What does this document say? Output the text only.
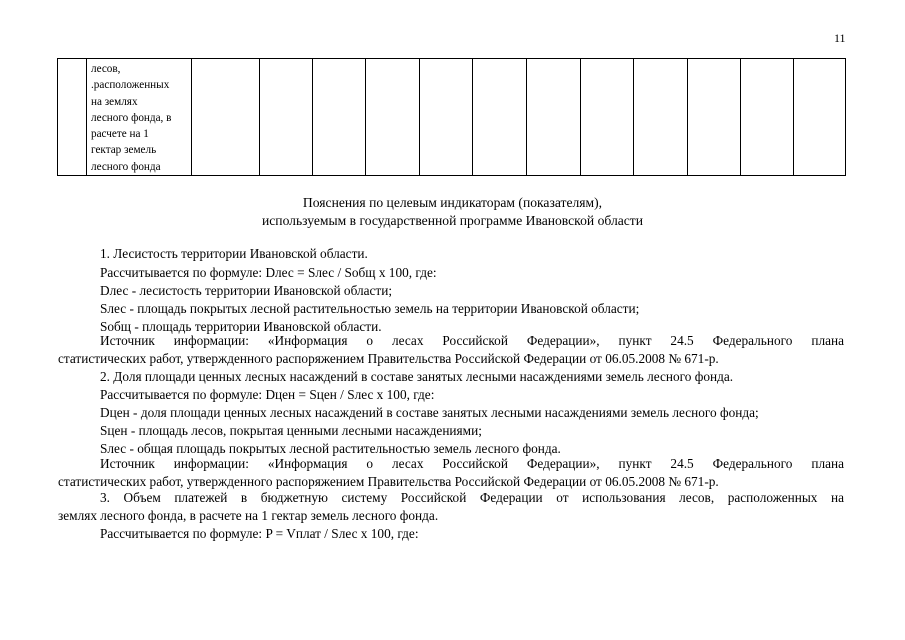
11

лесов,
.расположенных
на землях
лесного фонда, в
расчете на 1
гектар земель
лесного фонда

Пояснения по целевым индикаторам (показателям),
используемым в государственной программе Ивановской области
1. Лесистость территории Ивановской области.
Рассчитывается по формуле: Dлес = Sлес / Sобщ x 100, где:
Dлес - лесистость территории Ивановской области;
Sлес - площадь покрытых лесной растительностью земель на территории Ивановской области;
Sобщ - площадь территории Ивановской области.
Источник информации: «Информация о лесах Российской Федерации», пункт 24.5 Федерального плана
статистических работ, утвержденного распоряжением Правительства Российской Федерации от 06.05.2008 № 671-р.
2. Доля площади ценных лесных насаждений в составе занятых лесными насаждениями земель лесного фонда.
Рассчитывается по формуле: Dцен = Sцен / Sлес x 100, где:
Dцен - доля площади ценных лесных насаждений в составе занятых лесными насаждениями земель лесного фонда;
Sцен - площадь лесов, покрытая ценными лесными насаждениями;
Sлес - общая площадь покрытых лесной растительностью земель лесного фонда.
Источник информации: «Информация о лесах Российской Федерации», пункт 24.5 Федерального плана
статистических работ, утвержденного распоряжением Правительства Российской Федерации от 06.05.2008 № 671-р.
3. Объем платежей в бюджетную систему Российской Федерации от использования лесов, расположенных на
землях лесного фонда, в расчете на 1 гектар земель лесного фонда.
Рассчитывается по формуле: P = Vплат / Sлес x 100, где:
